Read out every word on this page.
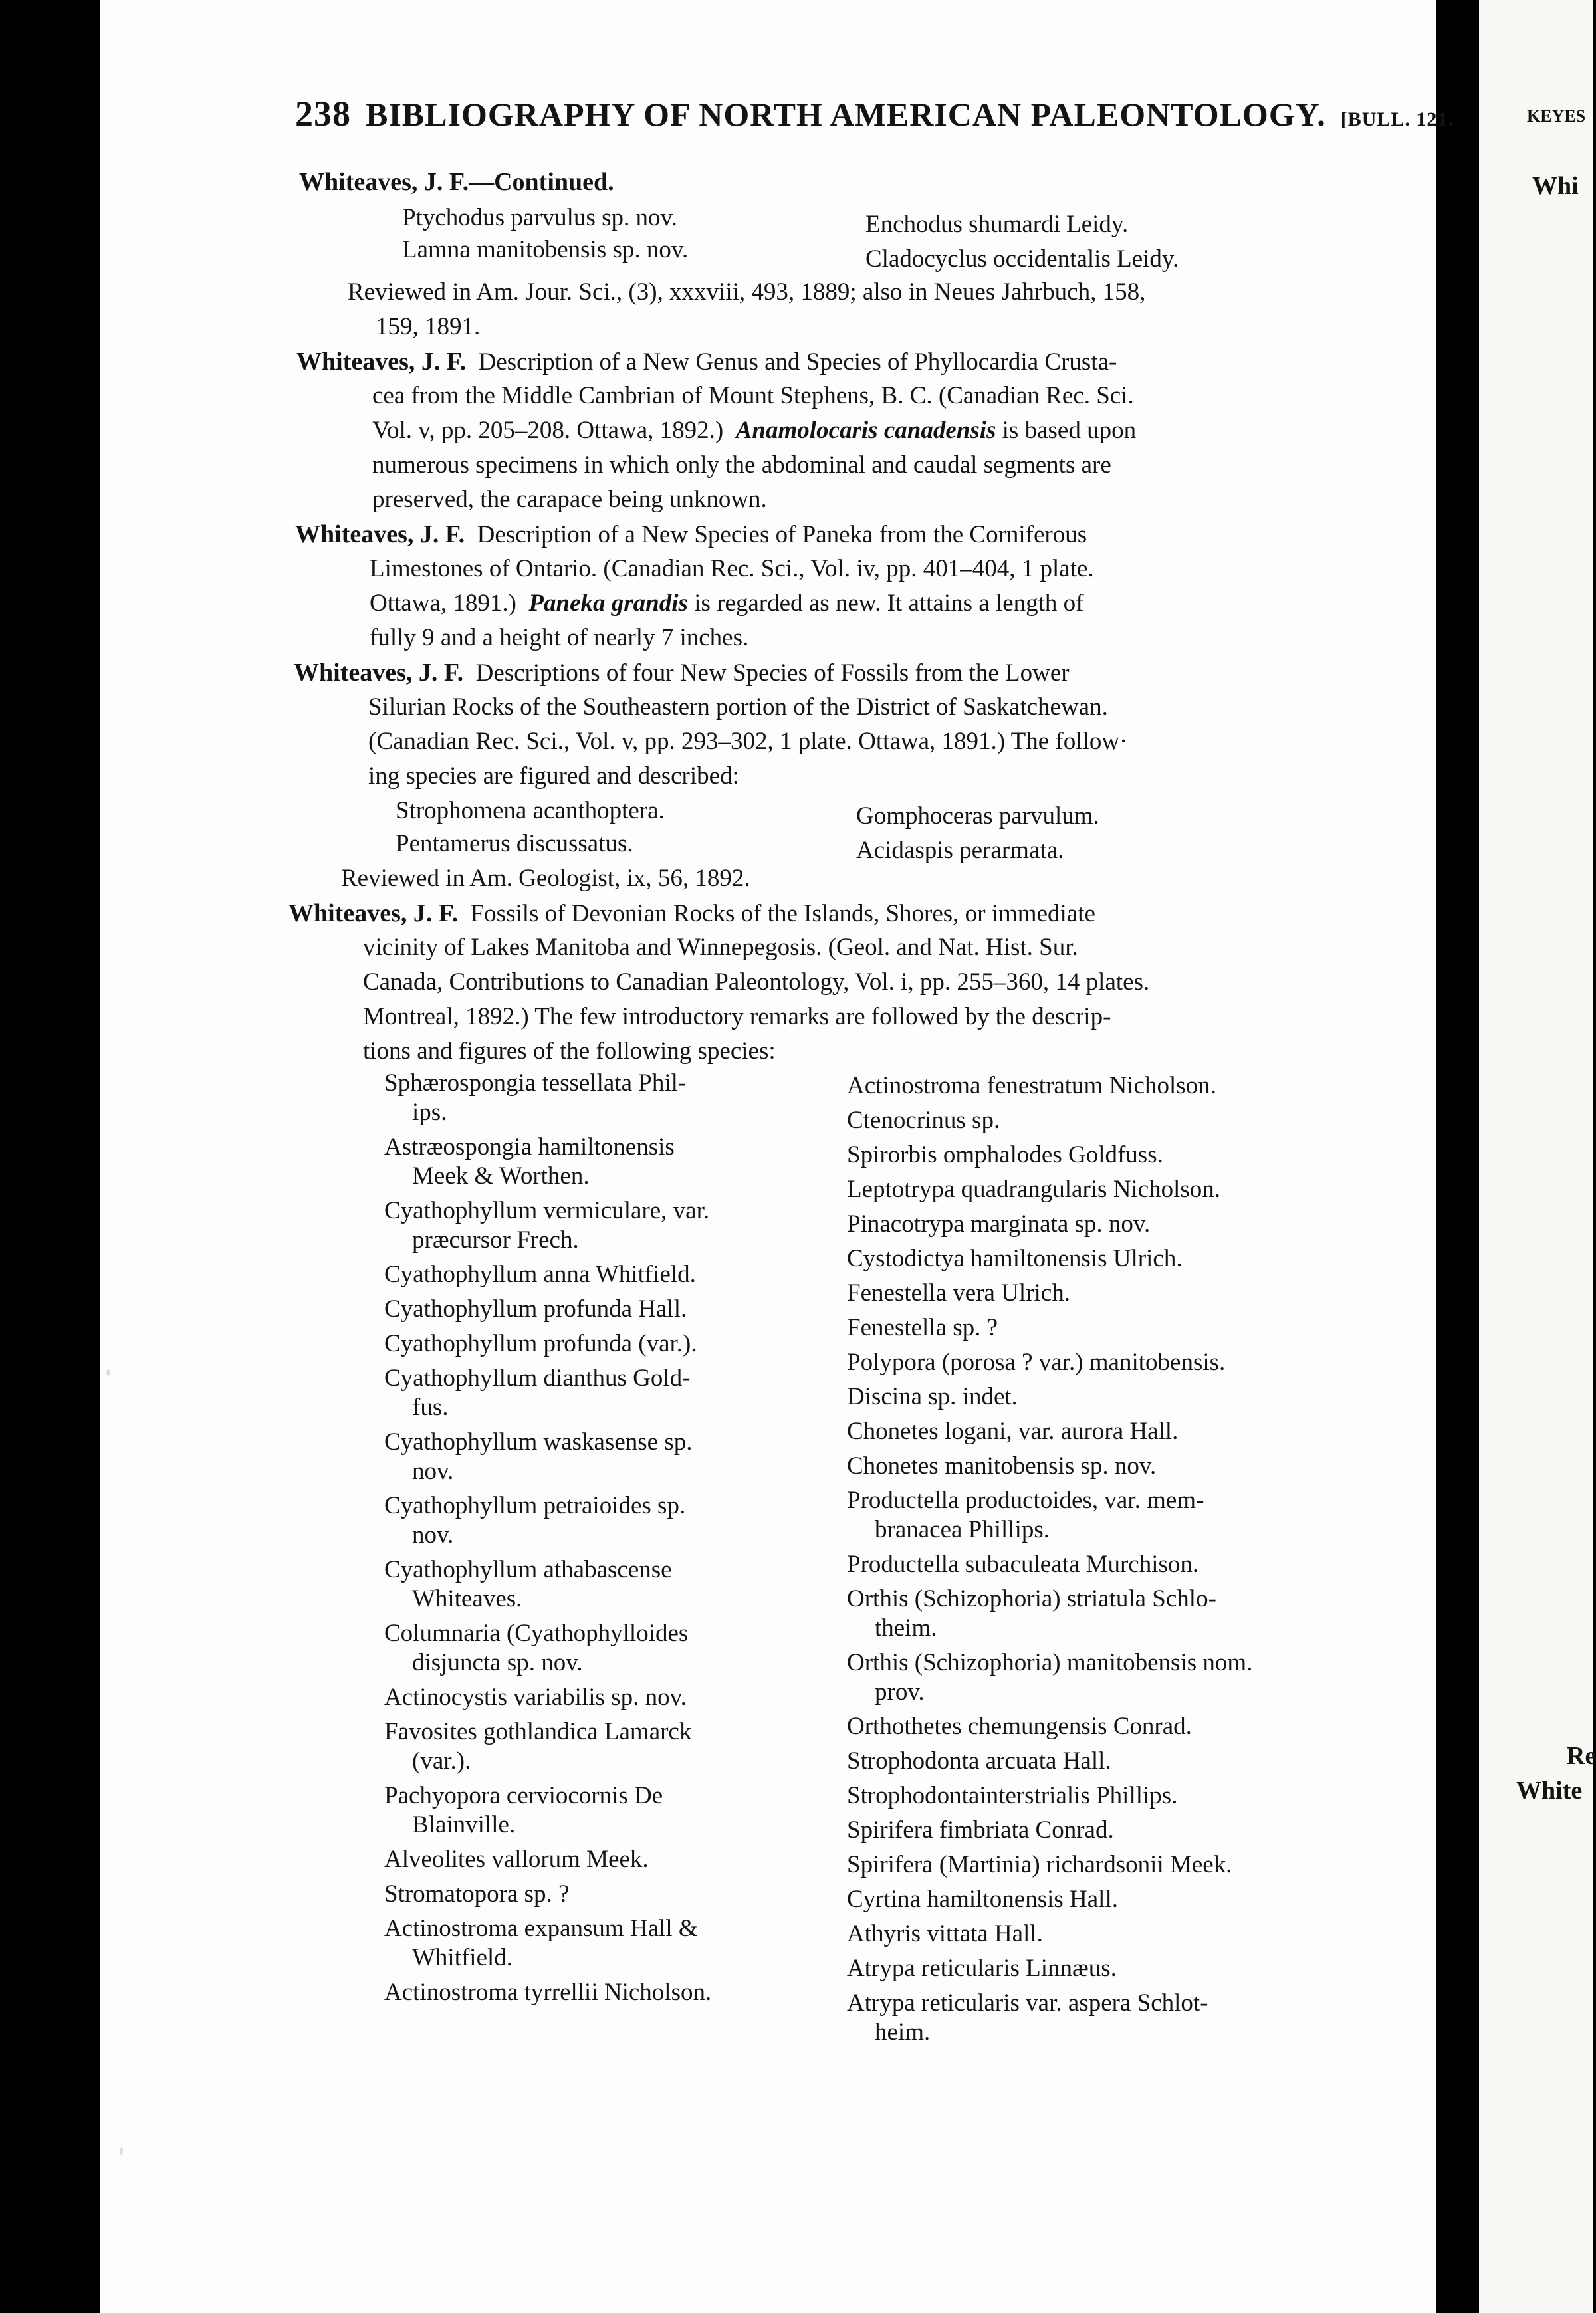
238 BIBLIOGRAPHY OF NORTH AMERICAN PALEONTOLOGY. [BULL. 121.
Whiteaves, J. F.—Continued.
Ptychodus parvulus sp. nov.
Lamna manitobensis sp. nov.
Enchodus shumardi Leidy.
Cladocyclus occidentalis Leidy.
Reviewed in Am. Jour. Sci., (3), xxxviii, 493, 1889; also in Neues Jahrbuch, 158,
159, 1891.
Whiteaves, J. F. Description of a New Genus and Species of Phyllocardia Crusta-
cea from the Middle Cambrian of Mount Stephens, B. C. (Canadian Rec. Sci.
Vol. v, pp. 205–208. Ottawa, 1892.) Anamolocaris canadensis is based upon
numerous specimens in which only the abdominal and caudal segments are
preserved, the carapace being unknown.
Whiteaves, J. F. Description of a New Species of Paneka from the Corniferous
Limestones of Ontario. (Canadian Rec. Sci., Vol. iv, pp. 401–404, 1 plate.
Ottawa, 1891.) Paneka grandis is regarded as new. It attains a length of
fully 9 and a height of nearly 7 inches.
Whiteaves, J. F. Descriptions of four New Species of Fossils from the Lower
Silurian Rocks of the Southeastern portion of the District of Saskatchewan.
(Canadian Rec. Sci., Vol. v, pp. 293–302, 1 plate. Ottawa, 1891.) The follow·
ing species are figured and described:
Strophomena acanthoptera.
Pentamerus discussatus.
Gomphoceras parvulum.
Acidaspis perarmata.
Reviewed in Am. Geologist, ix, 56, 1892.
Whiteaves, J. F. Fossils of Devonian Rocks of the Islands, Shores, or immediate
vicinity of Lakes Manitoba and Winnepegosis. (Geol. and Nat. Hist. Sur.
Canada, Contributions to Canadian Paleontology, Vol. i, pp. 255–360, 14 plates.
Montreal, 1892.) The few introductory remarks are followed by the descrip-
tions and figures of the following species:
Sphærospongia tessellata Phil-
ips.
Astræospongia hamiltonensis
Meek & Worthen.
Cyathophyllum vermiculare, var.
præcursor Frech.
Cyathophyllum anna Whitfield.
Cyathophyllum profunda Hall.
Cyathophyllum profunda (var.).
Cyathophyllum dianthus Gold-
fus.
Cyathophyllum waskasense sp.
nov.
Cyathophyllum petraioides sp.
nov.
Cyathophyllum athabascense
Whiteaves.
Columnaria (Cyathophylloides
disjuncta sp. nov.
Actinocystis variabilis sp. nov.
Favosites gothlandica Lamarck
(var.).
Pachyopora cerviocornis De
Blainville.
Alveolites vallorum Meek.
Stromatopora sp. ?
Actinostroma expansum Hall &
Whitfield.
Actinostroma tyrrellii Nicholson.
Actinostroma fenestratum Nicholson.
Ctenocrinus sp.
Spirorbis omphalodes Goldfuss.
Leptotrypa quadrangularis Nicholson.
Pinacotrypa marginata sp. nov.
Cystodictya hamiltonensis Ulrich.
Fenestella vera Ulrich.
Fenestella sp. ?
Polypora (porosa ? var.) manitobensis.
Discina sp. indet.
Chonetes logani, var. aurora Hall.
Chonetes manitobensis sp. nov.
Productella productoides, var. mem-
branacea Phillips.
Productella subaculeata Murchison.
Orthis (Schizophoria) striatula Schlo-
theim.
Orthis (Schizophoria) manitobensis nom.
prov.
Orthothetes chemungensis Conrad.
Strophodonta arcuata Hall.
Strophodontainterstrialis Phillips.
Spirifera fimbriata Conrad.
Spirifera (Martinia) richardsonii Meek.
Cyrtina hamiltonensis Hall.
Athyris vittata Hall.
Atrypa reticularis Linnæus.
Atrypa reticularis var. aspera Schlot-
heim.
KEYES
Whi
Re
White
